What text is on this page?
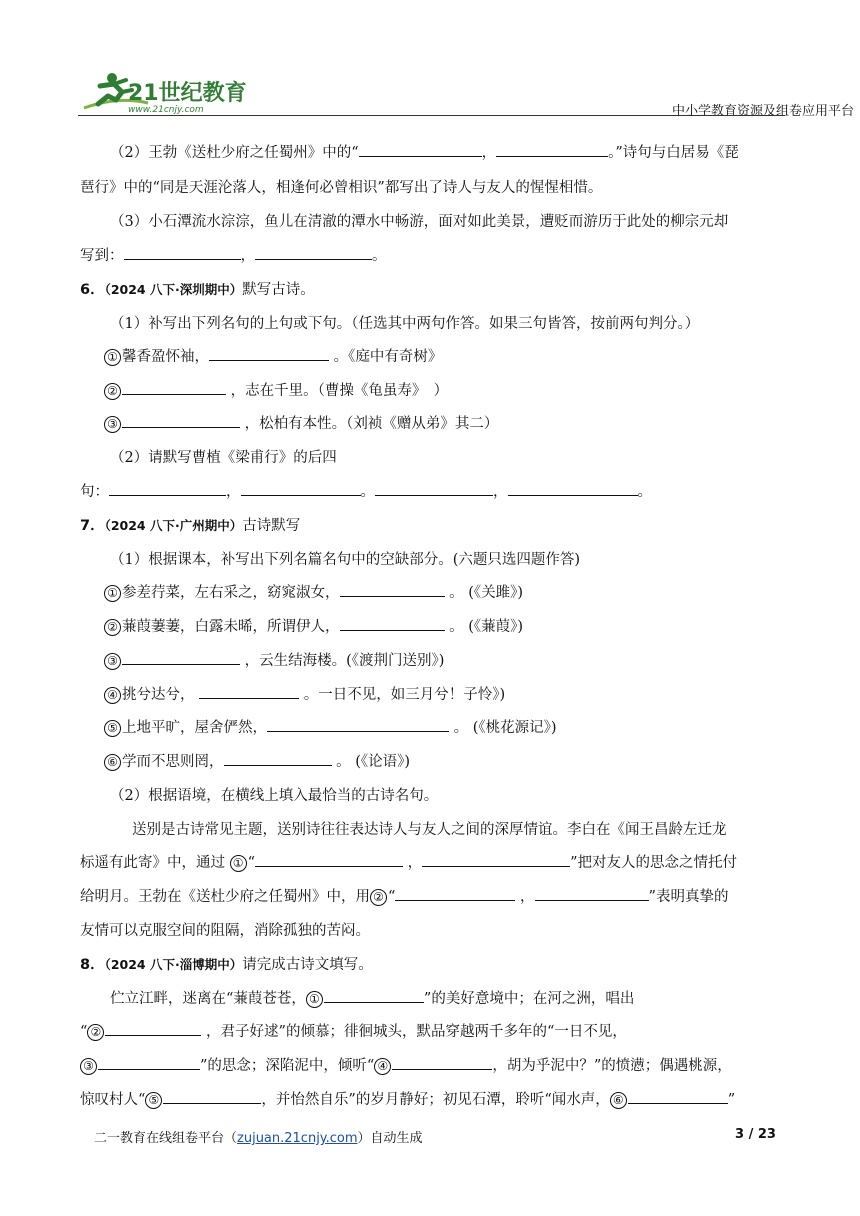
21世纪教育
www.21cnjy.com	中小学教育资源及组卷应用平台
（2）王勃《送杜少府之任蜀州》中的“	，	。”诗句与白居易《琵
琶行》中的“同是天涯沦落人，相逢何必曾相识”都写出了诗人与友人的惺惺相惜。
（3）小石潭流水淙淙，鱼儿在清澈的潭水中畅游，面对如此美景，遭贬而游历于此处的柳宗元却
写到：	，	。
6．（2024 八下·深圳期中）默写古诗。
（1）补写出下列名句的上句或下句。（任选其中两句作答。如果三句皆答，按前两句判分。）
① 馨香盈怀袖，	。《庭中有奇树》
②	，志在千里。（曹操《龟虽寿》　）
③	，松柏有本性。（刘祯《赠从弟》其二）
（2）请默写曹植《梁甫行》的后四
句：	，	。	，	。
7．（2024 八下·广州期中）古诗默写
（1）根据课本，补写出下列名篇名句中的空缺部分。(六题只选四题作答)
① 参差荇菜，左右采之，窈窕淑女，	。 (《关雎》)
② 蒹葭萋萋，白露未晞，所谓伊人，	。 (《蒹葭》)
③	，云生结海楼。(《渡荆门送别》)
④ 挑兮达兮，	。一日不见，如三月兮！子怜》)
⑤ 上地平旷，屋舍俨然，	。 (《桃花源记》)
⑥ 学而不思则罔，	。 (《论语》)
（2）根据语境，在横线上填入最恰当的古诗名句。
送别是古诗常见主题，送别诗往往表达诗人与友人之间的深厚情谊。李白在《闻王昌龄左迁龙
标遥有此寄》中，通过 ① “	，	”把对友人的思念之情托付
给明月。王勃在《送杜少府之任蜀州》中，用 ② “	，	”表明真挚的
友情可以克服空间的阻隔，消除孤独的苦闷。
8．（2024 八下·淄博期中）请完成古诗文填写。
伫立江畔，迷离在“蒹葭苍苍， ①	”的美好意境中；在河之洲，唱出
“ ②	，君子好逑”的倾慕；徘徊城头，默品穿越两千多年的“一日不见，
③	”的思念；深陷泥中，倾听“ ④	，胡为乎泥中？”的愤懑；偶遇桃源，
惊叹村人“ ⑤	，并怡然自乐”的岁月静好；初见石潭，聆听“闻水声， ⑥	”
二一教育在线组卷平台（zujuan.21cnjy.com）自动生成	3 / 23
